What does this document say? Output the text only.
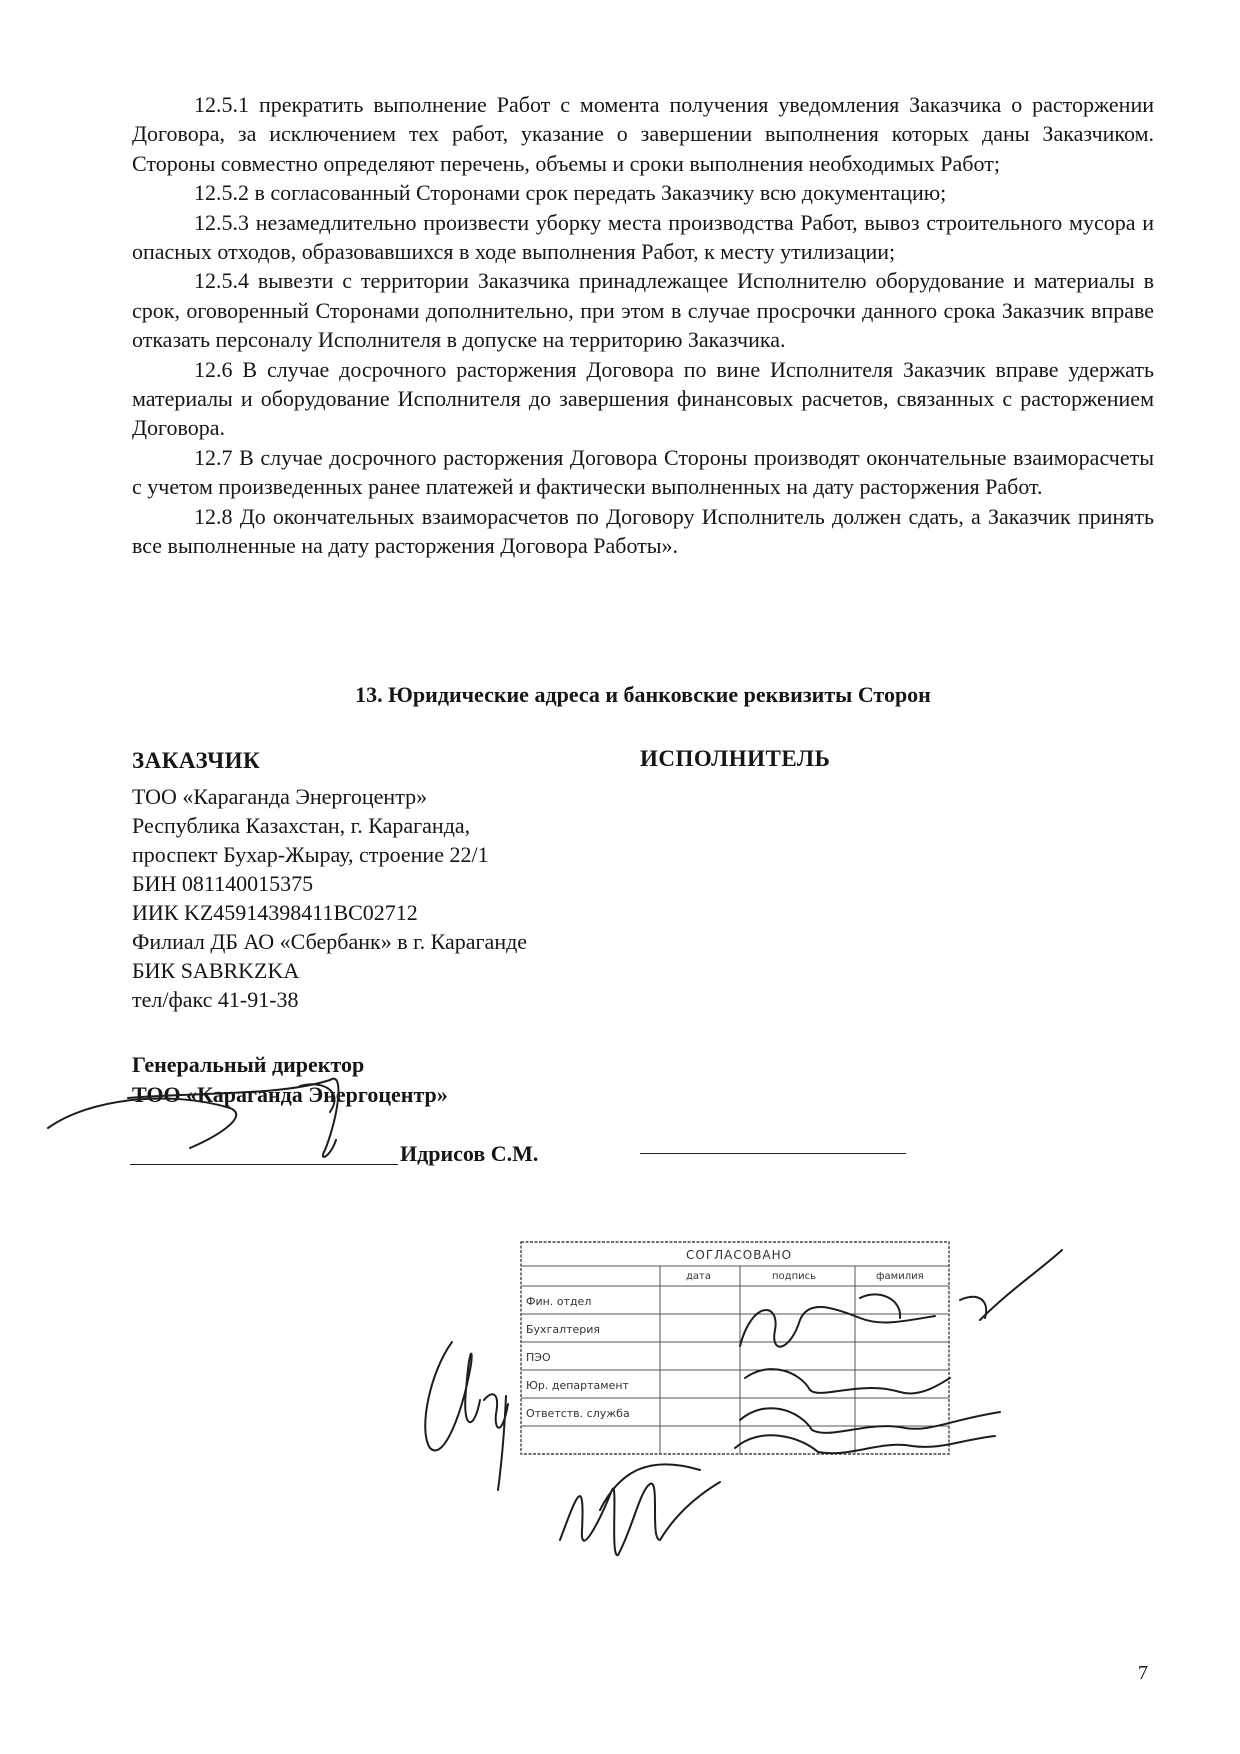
12.5.1 прекратить выполнение Работ с момента получения уведомления Заказчика о расторжении Договора, за исключением тех работ, указание о завершении выполнения которых даны Заказчиком. Стороны совместно определяют перечень, объемы и сроки выполнения необходимых Работ;

12.5.2 в согласованный Сторонами срок передать Заказчику всю документацию;

12.5.3 незамедлительно произвести уборку места производства Работ, вывоз строительного мусора и опасных отходов, образовавшихся в ходе выполнения Работ, к месту утилизации;

12.5.4 вывезти с территории Заказчика принадлежащее Исполнителю оборудование и материалы в срок, оговоренный Сторонами дополнительно, при этом в случае просрочки данного срока Заказчик вправе отказать персоналу Исполнителя в допуске на территорию Заказчика.

12.6 В случае досрочного расторжения Договора по вине Исполнителя Заказчик вправе удержать материалы и оборудование Исполнителя до завершения финансовых расчетов, связанных с расторжением Договора.

12.7 В случае досрочного расторжения Договора Стороны производят окончательные взаиморасчеты с учетом произведенных ранее платежей и фактически выполненных на дату расторжения Работ.

12.8 До окончательных взаиморасчетов по Договору Исполнитель должен сдать, а Заказчик принять все выполненные на дату расторжения Договора Работы».

13. Юридические адреса и банковские реквизиты Сторон
ЗАКАЗЧИК	ИСПОЛНИТЕЛЬ
ТОО «Караганда Энергоцентр»
Республика Казахстан, г. Караганда,
проспект Бухар-Жырау, строение 22/1
БИН 081140015375
ИИК KZ45914398411BC02712
Филиал ДБ АО «Сбербанк» в г. Караганде
БИК SABRKZKA
тел/факс 41-91-38
Генеральный директор
ТОО «Караганда Энергоцентр»
Идрисов С.М.
СОГЛАСОВАНО
дата	подпись	фамилия
Фин. отдел
Бухгалтерия
ПЭО
Юр. департамент
Ответств. служба
7
